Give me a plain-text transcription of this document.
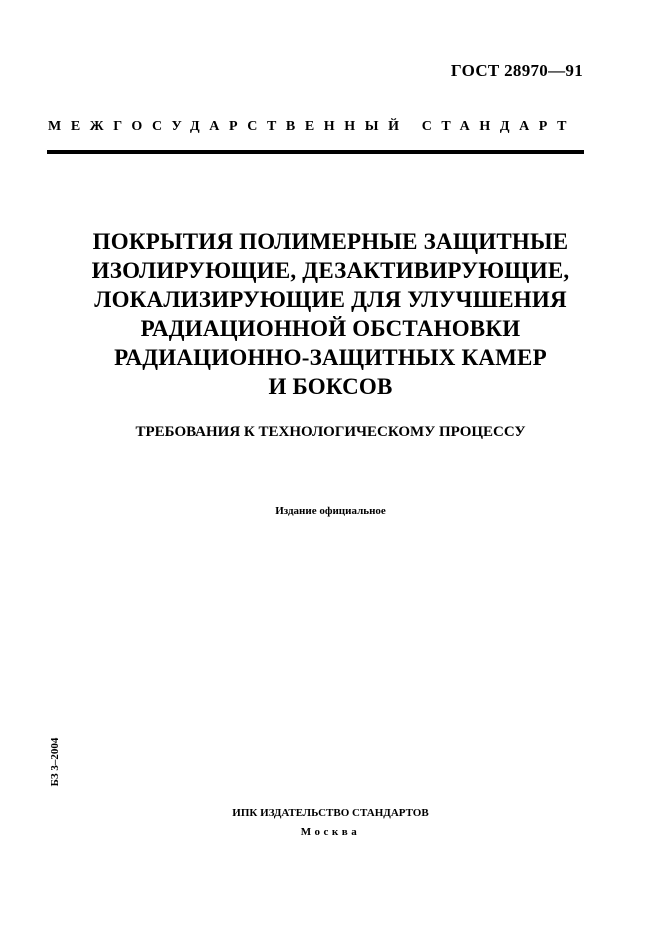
ГОСТ 28970—91
МЕЖГОСУДАРСТВЕННЫЙ СТАНДАРТ
ПОКРЫТИЯ ПОЛИМЕРНЫЕ ЗАЩИТНЫЕ
ИЗОЛИРУЮЩИЕ, ДЕЗАКТИВИРУЮЩИЕ,
ЛОКАЛИЗИРУЮЩИЕ ДЛЯ УЛУЧШЕНИЯ
РАДИАЦИОННОЙ ОБСТАНОВКИ
РАДИАЦИОННО-ЗАЩИТНЫХ КАМЕР
И БОКСОВ
ТРЕБОВАНИЯ К ТЕХНОЛОГИЧЕСКОМУ ПРОЦЕССУ
Издание официальное
БЗ 3–2004
ИПК ИЗДАТЕЛЬСТВО СТАНДАРТОВ
Москва
